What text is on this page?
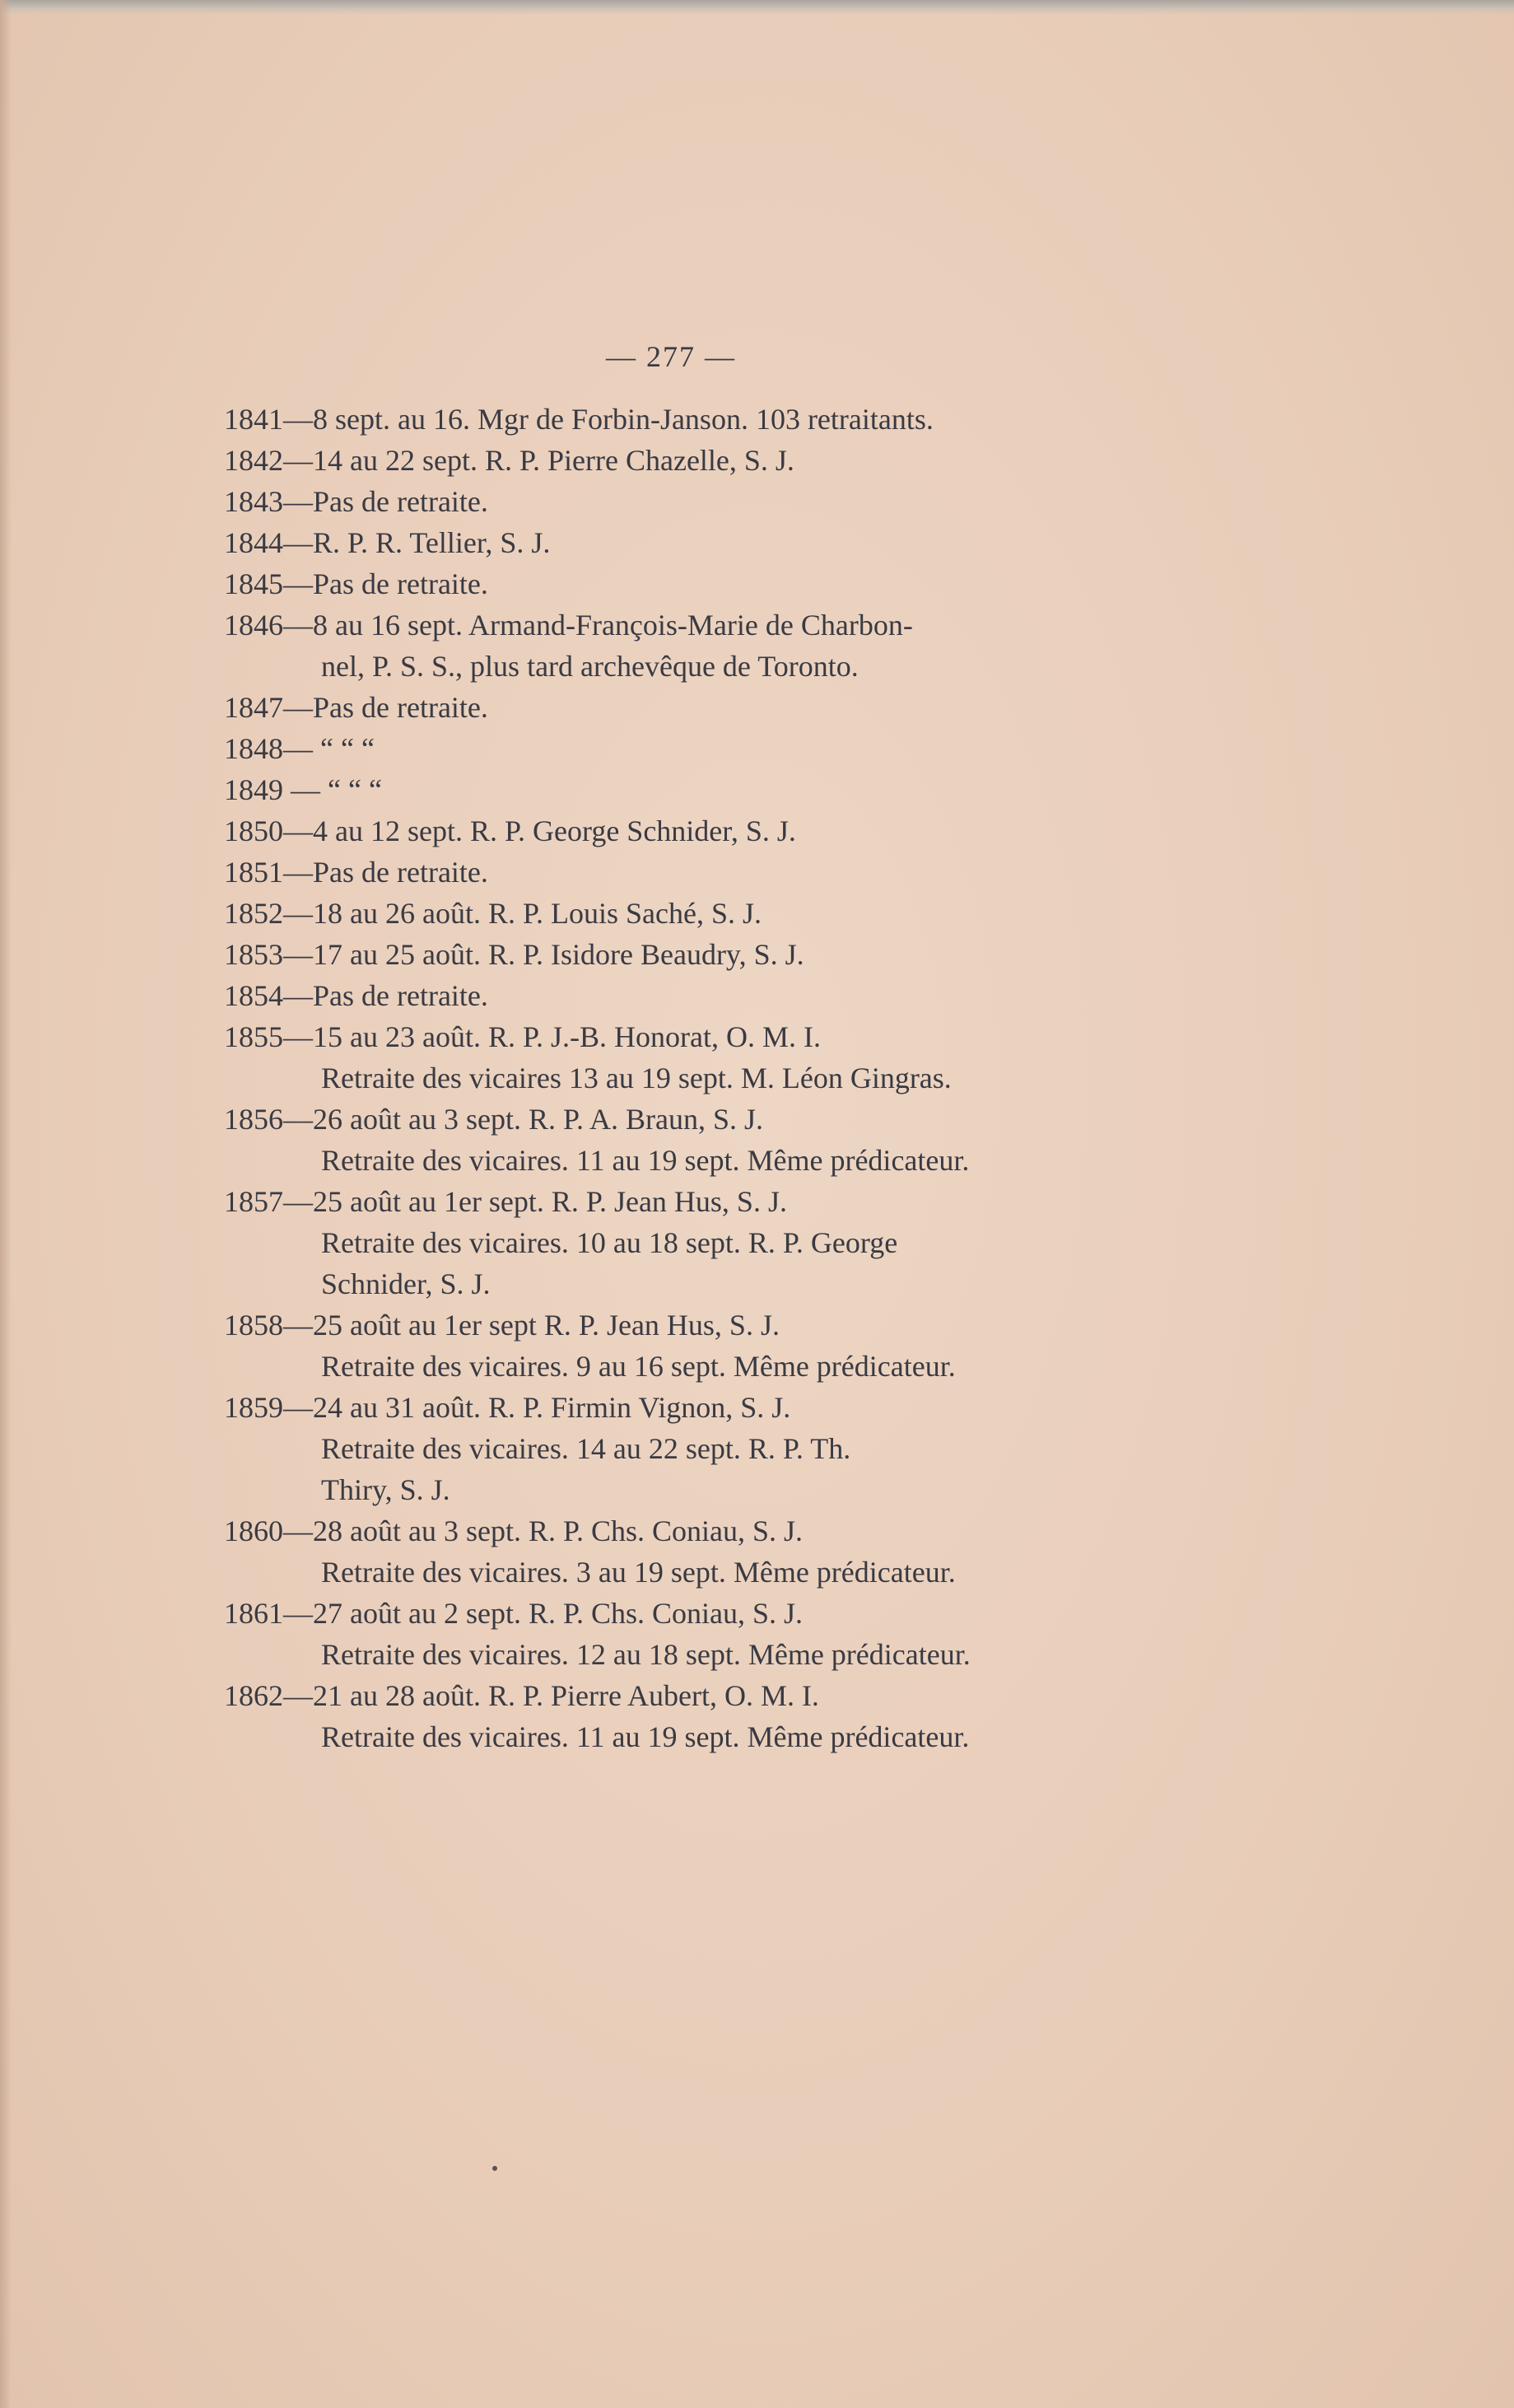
— 277 —
1841—8 sept. au 16. Mgr de Forbin-Janson. 103 retraitants.
1842—14 au 22 sept. R. P. Pierre Chazelle, S. J.
1843—Pas de retraite.
1844—R. P. R. Tellier, S. J.
1845—Pas de retraite.
1846—8 au 16 sept. Armand-François-Marie de Charbon-
nel, P. S. S., plus tard archevêque de Toronto.
1847—Pas de retraite.
1848— “ “ “
1849 — “ “ “
1850—4 au 12 sept. R. P. George Schnider, S. J.
1851—Pas de retraite.
1852—18 au 26 août. R. P. Louis Saché, S. J.
1853—17 au 25 août. R. P. Isidore Beaudry, S. J.
1854—Pas de retraite.
1855—15 au 23 août. R. P. J.-B. Honorat, O. M. I.
Retraite des vicaires 13 au 19 sept. M. Léon Gingras.
1856—26 août au 3 sept. R. P. A. Braun, S. J.
Retraite des vicaires. 11 au 19 sept. Même prédicateur.
1857—25 août au 1er sept. R. P. Jean Hus, S. J.
Retraite des vicaires. 10 au 18 sept. R. P. George
Schnider, S. J.
1858—25 août au 1er sept R. P. Jean Hus, S. J.
Retraite des vicaires. 9 au 16 sept. Même prédicateur.
1859—24 au 31 août. R. P. Firmin Vignon, S. J.
Retraite des vicaires. 14 au 22 sept. R. P. Th.
Thiry, S. J.
1860—28 août au 3 sept. R. P. Chs. Coniau, S. J.
Retraite des vicaires. 3 au 19 sept. Même prédicateur.
1861—27 août au 2 sept. R. P. Chs. Coniau, S. J.
Retraite des vicaires. 12 au 18 sept. Même prédicateur.
1862—21 au 28 août. R. P. Pierre Aubert, O. M. I.
Retraite des vicaires. 11 au 19 sept. Même prédicateur.
